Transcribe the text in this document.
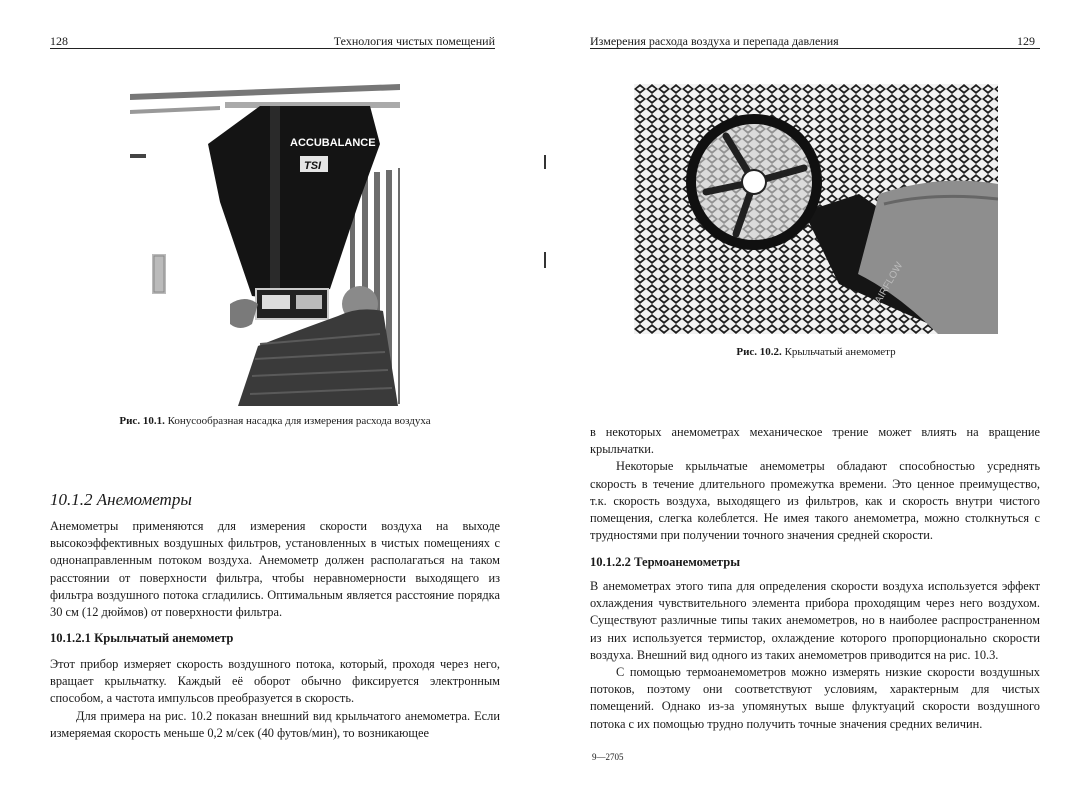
128	Технология чистых помещений
ACCUBALANCE
TSI
Рис. 10.1. Конусообразная насадка для измерения расхода воздуха
10.1.2 Анемометры

Анемометры применяются для измерения скорости воздуха на выходе высокоэффективных воздушных фильтров, установленных в чистых помещениях с однонаправленным потоком воздуха. Анемометр должен располагаться на таком расстоянии от поверхности фильтра, чтобы неравномерности выходящего из фильтра воздушного потока сгладились. Оптимальным является расстояние порядка 30 см (12 дюймов) от поверхности фильтра.

10.1.2.1 Крыльчатый анемометр

Этот прибор измеряет скорость воздушного потока, который, проходя через него, вращает крыльчатку. Каждый её оборот обычно фиксируется электронным способом, а частота импульсов преобразуется в скорость.

Для примера на рис. 10.2 показан внешний вид крыльчатого анемометра. Если измеряемая скорость меньше 0,2 м/сек (40 футов/мин), то возникающее

Измерения расхода воздуха и перепада давления	129
AIRFLOW
Рис. 10.2. Крыльчатый анемометр

в некоторых анемометрах механическое трение может влиять на вращение крыльчатки.

Некоторые крыльчатые анемометры обладают способностью усреднять скорость в течение длительного промежутка времени. Это ценное преимущество, т.к. скорость воздуха, выходящего из фильтров, как и скорость внутри чистого помещения, слегка колеблется. Не имея такого анемометра, можно столкнуться с трудностями при получении точного значения средней скорости.

10.1.2.2 Термоанемометры

В анемометрах этого типа для определения скорости воздуха используется эффект охлаждения чувствительного элемента прибора проходящим через него воздухом. Существуют различные типы таких анемометров, но в наиболее распространенном из них используется термистор, охлаждение которого пропорционально скорости воздуха. Внешний вид одного из таких анемометров приводится на рис. 10.3.

С помощью термоанемометров можно измерять низкие скорости воздушных потоков, поэтому они соответствуют условиям, характерным для чистых помещений. Однако из-за упомянутых выше флуктуаций скорости воздушного потока с их помощью трудно получить точные значения средних величин.

9—2705
